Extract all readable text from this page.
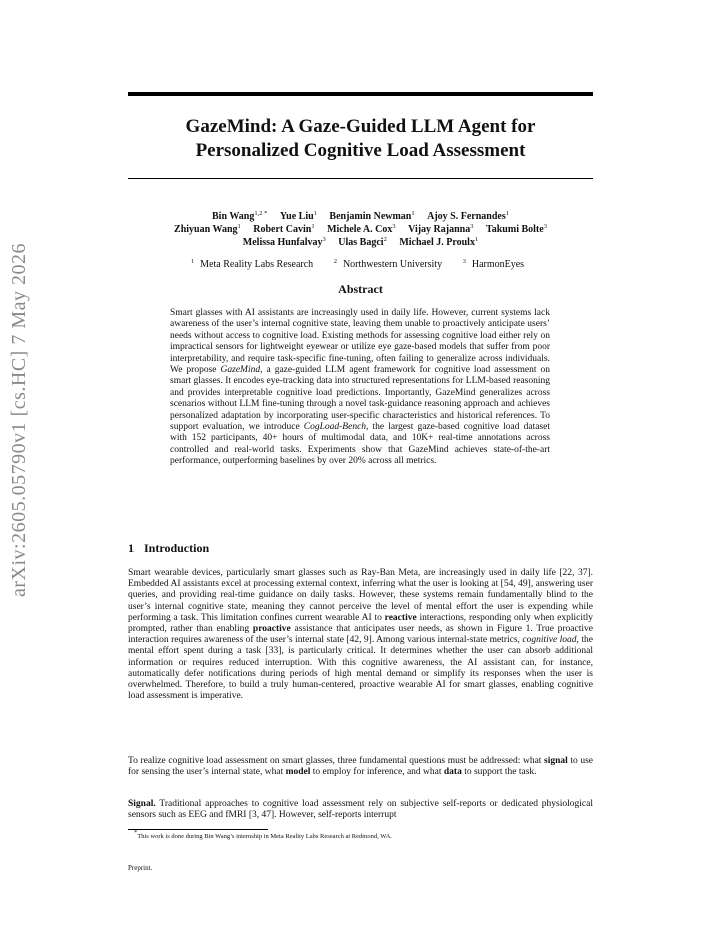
arXiv:2605.05790v1 [cs.HC] 7 May 2026
GazeMind: A Gaze-Guided LLM Agent for
Personalized Cognitive Load Assessment
Bin Wang$^{1,2 *}$ Yue Liu$^1$ Benjamin Newman$^1$ Ajoy S. Fernandes$^1$
Zhiyuan Wang$^1$ Robert Cavin$^1$ Michele A. Cox$^3$ Vijay Rajanna$^3$ Takumi Bolte$^3$
Melissa Hunfalvay$^3$ Ulas Bagci$^2$ Michael J. Proulx$^1$
$^1$ Meta Reality Labs Research	$^2$ Northwestern University	$^3$ HarmonEyes
Abstract
Smart glasses with AI assistants are increasingly used in daily life. However, current systems lack awareness of the user’s internal cognitive state, leaving them unable to proactively anticipate users’ needs without access to cognitive load. Existing methods for assessing cognitive load either rely on impractical sensors for lightweight eyewear or utilize eye gaze-based models that suffer from poor interpretability, and require task-specific fine-tuning, often failing to generalize across individuals. We propose GazeMind, a gaze-guided LLM agent framework for cognitive load assessment on smart glasses. It encodes eye-tracking data into structured representations for LLM-based reasoning and provides interpretable cognitive load predictions. Importantly, GazeMind generalizes across scenarios without LLM fine-tuning through a novel task-guidance reasoning approach and achieves personalized adaptation by incorporating user-specific characteristics and historical references. To support evaluation, we introduce CogLoad-Bench, the largest gaze-based cognitive load dataset with 152 participants, 40+ hours of multimodal data, and 10K+ real-time annotations across controlled and real-world tasks. Experiments show that GazeMind achieves state-of-the-art performance, outperforming baselines by over 20% across all metrics.
1 Introduction
Smart wearable devices, particularly smart glasses such as Ray-Ban Meta, are increasingly used in daily life [22, 37]. Embedded AI assistants excel at processing external context, inferring what the user is looking at [54, 49], answering user queries, and providing real-time guidance on daily tasks. However, these systems remain fundamentally blind to the user’s internal cognitive state, meaning they cannot perceive the level of mental effort the user is expending while performing a task. This limitation confines current wearable AI to reactive interactions, responding only when explicitly prompted, rather than enabling proactive assistance that anticipates user needs, as shown in Figure 1. True proactive interaction requires awareness of the user’s internal state [42, 9]. Among various internal-state metrics, cognitive load, the mental effort spent during a task [33], is particularly critical. It determines whether the user can absorb additional information or requires reduced interruption. With this cognitive awareness, the AI assistant can, for instance, automatically defer notifications during periods of high mental demand or simplify its responses when the user is overwhelmed. Therefore, to build a truly human-centered, proactive wearable AI for smart glasses, enabling cognitive load assessment is imperative.
To realize cognitive load assessment on smart glasses, three fundamental questions must be addressed: what signal to use for sensing the user’s internal state, what model to employ for inference, and what data to support the task.
Signal. Traditional approaches to cognitive load assessment rely on subjective self-reports or dedicated physiological sensors such as EEG and fMRI [3, 47]. However, self-reports interrupt
*This work is done during Bin Wang’s internship in Meta Reality Labs Research at Redmond, WA.
Preprint.
